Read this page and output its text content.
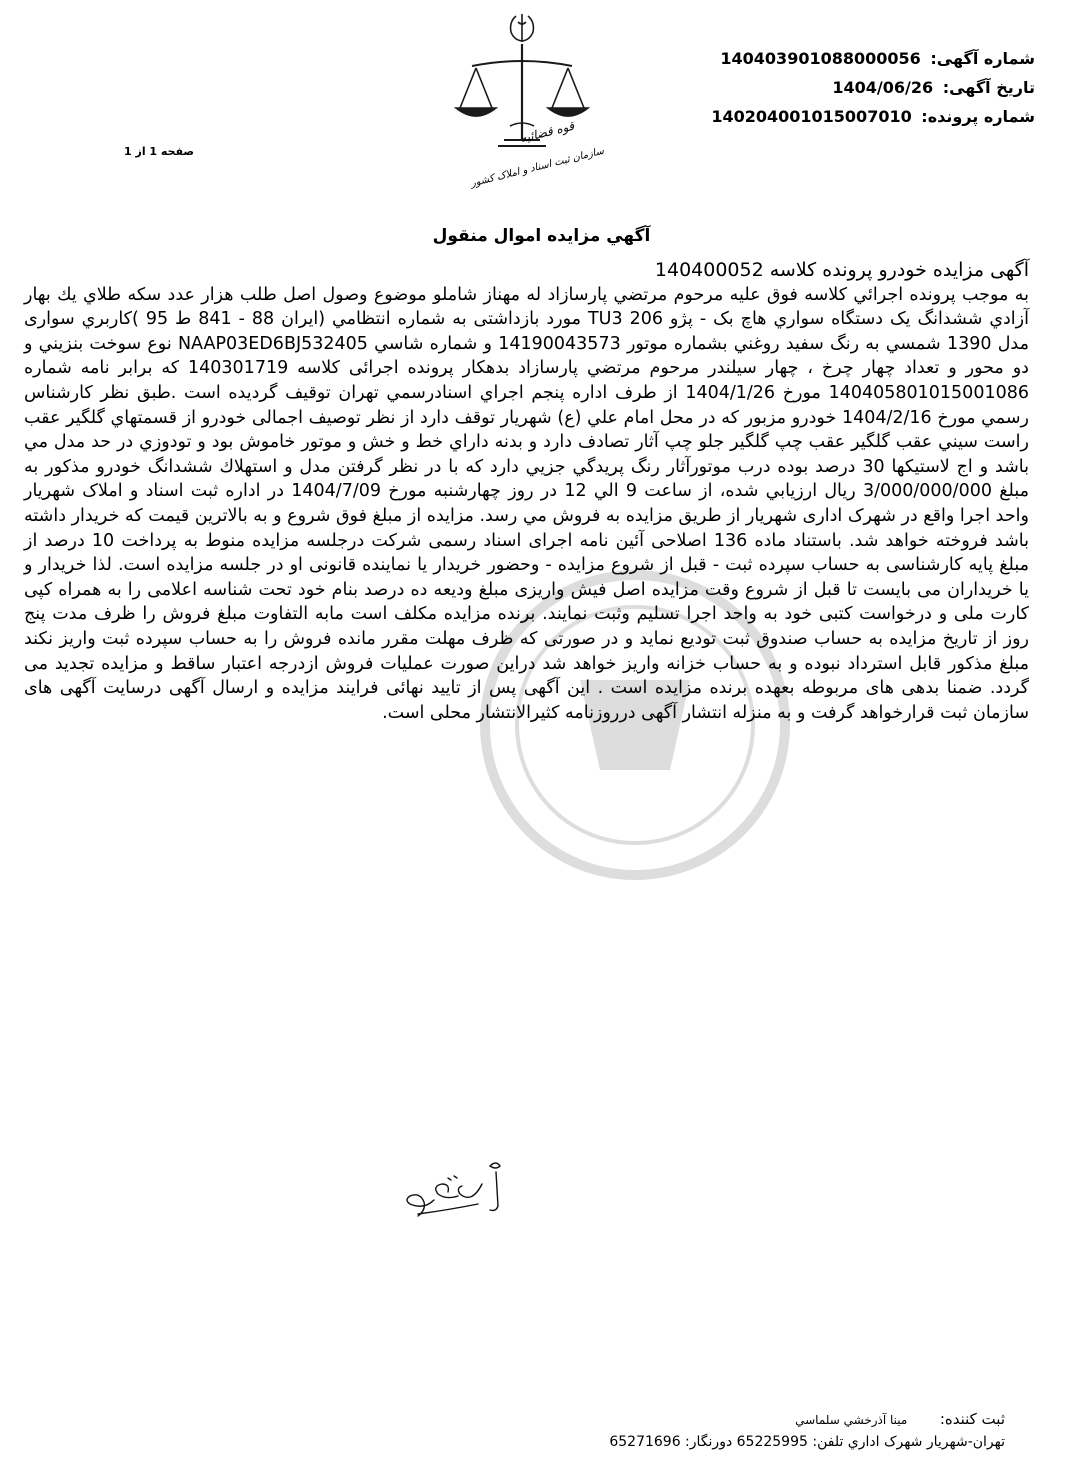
قوه قضائیه
سازمان ثبت اسناد و املاک کشور
شماره آگهی: 14040390108800005‌6
تاریخ آگهی: 1404/06/26
شماره پرونده: 140204001015007010
صفحه 1 از 1
آگهي مزايده اموال منقول

آگهی مزایده خودرو پرونده کلاسه 140400052

به موجب پرونده اجرائي كلاسه فوق عليه مرحوم مرتضي پارسازاد له مهناز شاملو موضوع وصول اصل طلب هزار عدد سکه طلاي يك بهار آزادي ششدانگ يک دستگاه سواري هاچ بک - پژو 206 TU3 مورد بازداشتی به شماره انتظامي (ايران 88 - 841 ط 95 )كاربري سواری مدل 1390 شمسي به رنگ سفيد روغني بشماره موتور 14190043573 و شماره شاسي NAAP03ED6BJ532405 نوع سوخت بنزيني و دو محور و تعداد چهار چرخ ، چهار سيلندر مرحوم مرتضي پارسازاد بدهكار پرونده اجرائی کلاسه 140301719 كه برابر نامه شماره 140405801015001086 مورخ 1404/1/26 از طرف اداره پنجم اجراي اسنادرسمي تهران توقيف گرديده است .طبق نظر كارشناس رسمي مورخ 1404/2/16 خودرو مزبور كه در محل امام علي (ع) شهريار توقف دارد از نظر توصيف اجمالی خودرو از قسمتهاي گلگير عقب راست سيني عقب گلگير عقب چپ گلگير جلو چپ آثار تصادف دارد و بدنه داراي خط و خش و موتور خاموش بود و تودوزي در حد مدل مي باشد و اج لاستيكها 30 درصد بوده درب موتورآثار رنگ پريدگي جزيي دارد كه با در نظر گرفتن مدل و استهلاك ششدانگ خودرو مذكور به مبلغ 3/000/000/000 ريال ارزيابي شده، از ساعت 9 الي 12 در روز چهارشنبه مورخ 1404/7/09 در اداره ثبت اسناد و املاک شهريار واحد اجرا واقع در شهرک اداری شهريار از طريق مزايده به فروش مي رسد. مزایده از مبلغ فوق شروع و به بالاترین قیمت که خریدار داشته باشد فروخته خواهد شد. باستناد ماده 136 اصلاحی آئین نامه اجرای اسناد رسمی شرکت درجلسه مزایده منوط به پرداخت 10 درصد از مبلغ پایه کارشناسی به حساب سپرده ثبت - قبل از شروع مزایده - وحضور خریدار یا نماینده قانونی او در جلسه مزایده است. لذا خریدار و یا خریداران می بایست تا قبل از شروع وقت مزایده اصل فیش واریزی مبلغ ودیعه ده درصد بنام خود تحت شناسه اعلامی را به همراه کپی کارت ملی و درخواست کتبی خود به واحد اجرا تسلیم وثبت نمایند. برنده مزایده مکلف است مابه التفاوت مبلغ فروش را ظرف مدت پنج روز از تاریخ مزایده به حساب صندوق ثبت تودیع نماید و در صورتی که ظرف مهلت مقرر مانده فروش را به حساب سپرده ثبت واریز نکند مبلغ مذکور قابل استرداد نبوده و به حساب خزانه واریز خواهد شد دراین صورت عملیات فروش ازدرجه اعتبار ساقط و مزایده تجدید می گردد. ضمنا بدهی های مربوطه بعهده برنده مزایده است . این آگهی پس از تایید نهائی فرایند مزایده و ارسال آگهی درسایت آگهی های سازمان ثبت قرارخواهد گرفت و به منزله انتشار آگهی درروزنامه کثیرالانتشار محلی است.

ثبت کننده: مينا آذرخشي سلماسي
تهران-شهريار شهرک اداري تلفن: 65225995 دورنگار: 65271696
